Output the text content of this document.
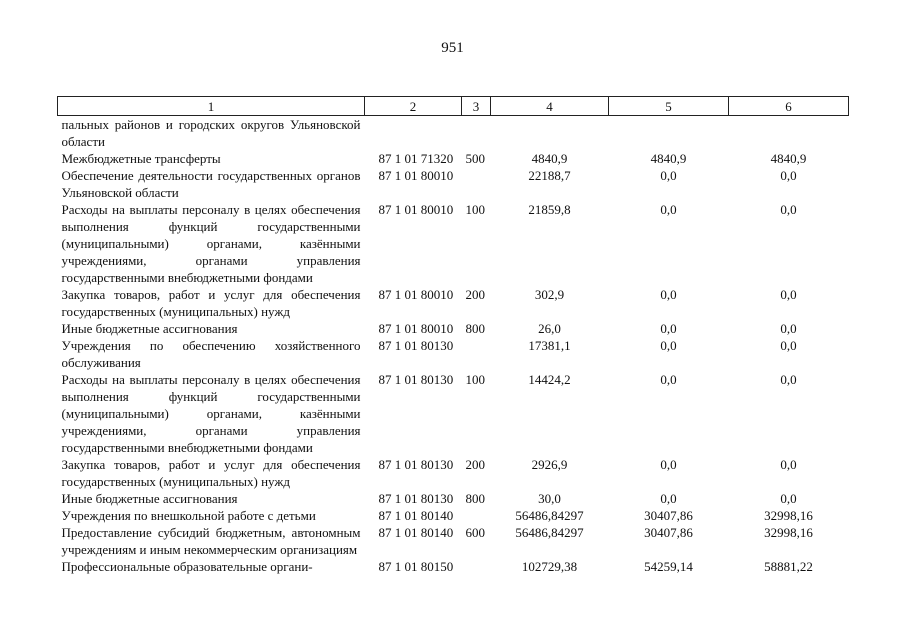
951
1	2	3	4	5	6
пальных районов и городских округов Ульяновской области					
Межбюджетные трансферты	87 1 01 71320	500	4840,9	4840,9	4840,9
Обеспечение деятельности государственных органов Ульяновской области	87 1 01 80010		22188,7	0,0	0,0
Расходы на выплаты персоналу в целях обеспечения выполнения функций государственными (муниципальными) органами, казёнными учреждениями, органами управления государственными внебюджетными фондами	87 1 01 80010	100	21859,8	0,0	0,0
Закупка товаров, работ и услуг для обеспечения государственных (муниципальных) нужд	87 1 01 80010	200	302,9	0,0	0,0
Иные бюджетные ассигнования	87 1 01 80010	800	26,0	0,0	0,0
Учреждения по обеспечению хозяйственного обслуживания	87 1 01 80130		17381,1	0,0	0,0
Расходы на выплаты персоналу в целях обеспечения выполнения функций государственными (муниципальными) органами, казёнными учреждениями, органами управления государственными внебюджетными фондами	87 1 01 80130	100	14424,2	0,0	0,0
Закупка товаров, работ и услуг для обеспечения государственных (муниципальных) нужд	87 1 01 80130	200	2926,9	0,0	0,0
Иные бюджетные ассигнования	87 1 01 80130	800	30,0	0,0	0,0
Учреждения по внешкольной работе с детьми	87 1 01 80140		56486,84297	30407,86	32998,16
Предоставление субсидий бюджетным, автономным учреждениям и иным некоммерческим организациям	87 1 01 80140	600	56486,84297	30407,86	32998,16
Профессиональные образовательные органи-	87 1 01 80150		102729,38	54259,14	58881,22
